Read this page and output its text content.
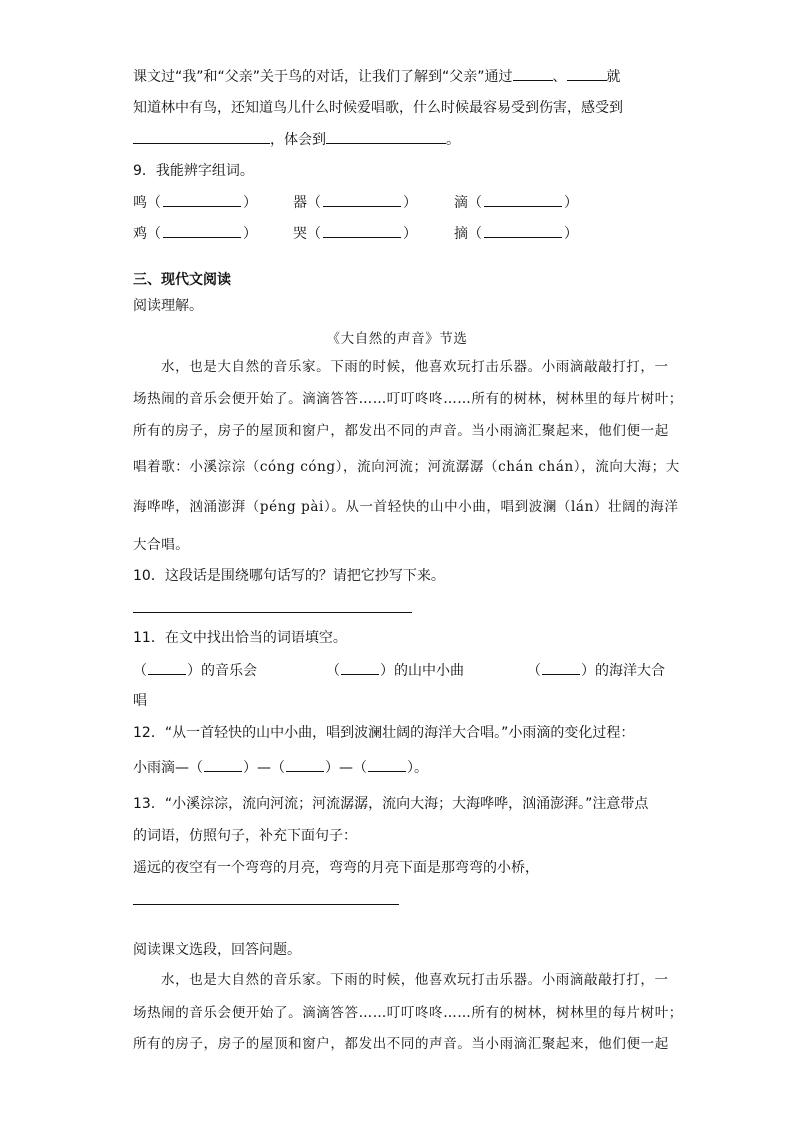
课文过“我”和“父亲”关于鸟的对话，让我们了解到“父亲”通过	、	就
知道林中有鸟，还知道鸟儿什么时候爱唱歌，什么时候最容易受到伤害，感受到
，体会到	。
9．我能辨字组词。
鸣（	）	器（	）	滴（	）
鸡（	）	哭（	）	摘（	）
三、现代文阅读
阅读理解。
《大自然的声音》节选
水，也是大自然的音乐家。下雨的时候，他喜欢玩打击乐器。小雨滴敲敲打打，一
场热闹的音乐会便开始了。滴滴答答……叮叮咚咚……所有的树林，树林里的每片树叶；
所有的房子，房子的屋顶和窗户，都发出不同的声音。当小雨滴汇聚起来，他们便一起
唱着歌：小溪淙淙（cóng cóng），流向河流；河流潺潺（chán chán），流向大海；大
海哗哗，汹涌澎湃（péng pài）。从一首轻快的山中小曲，唱到波澜（lán）壮阔的海洋
大合唱。
10．这段话是围绕哪句话写的？请把它抄写下来。
11．在文中找出恰当的词语填空。
（	）的音乐会	（	）的山中小曲	（	）的海洋大合
唱
12．“从一首轻快的山中小曲，唱到波澜壮阔的海洋大合唱。”小雨滴的变化过程：
小雨滴—（	）—（	）—（	）。
13．“小溪淙淙，流向河流；河流潺潺，流向大海；大海哗哗，汹涌澎湃。”注意带点
的词语，仿照句子，补充下面句子：
遥远的夜空有一个弯弯的月亮，弯弯的月亮下面是那弯弯的小桥，
阅读课文选段，回答问题。
水，也是大自然的音乐家。下雨的时候，他喜欢玩打击乐器。小雨滴敲敲打打，一
场热闹的音乐会便开始了。滴滴答答……叮叮咚咚……所有的树林，树林里的每片树叶；
所有的房子，房子的屋顶和窗户，都发出不同的声音。当小雨滴汇聚起来，他们便一起
